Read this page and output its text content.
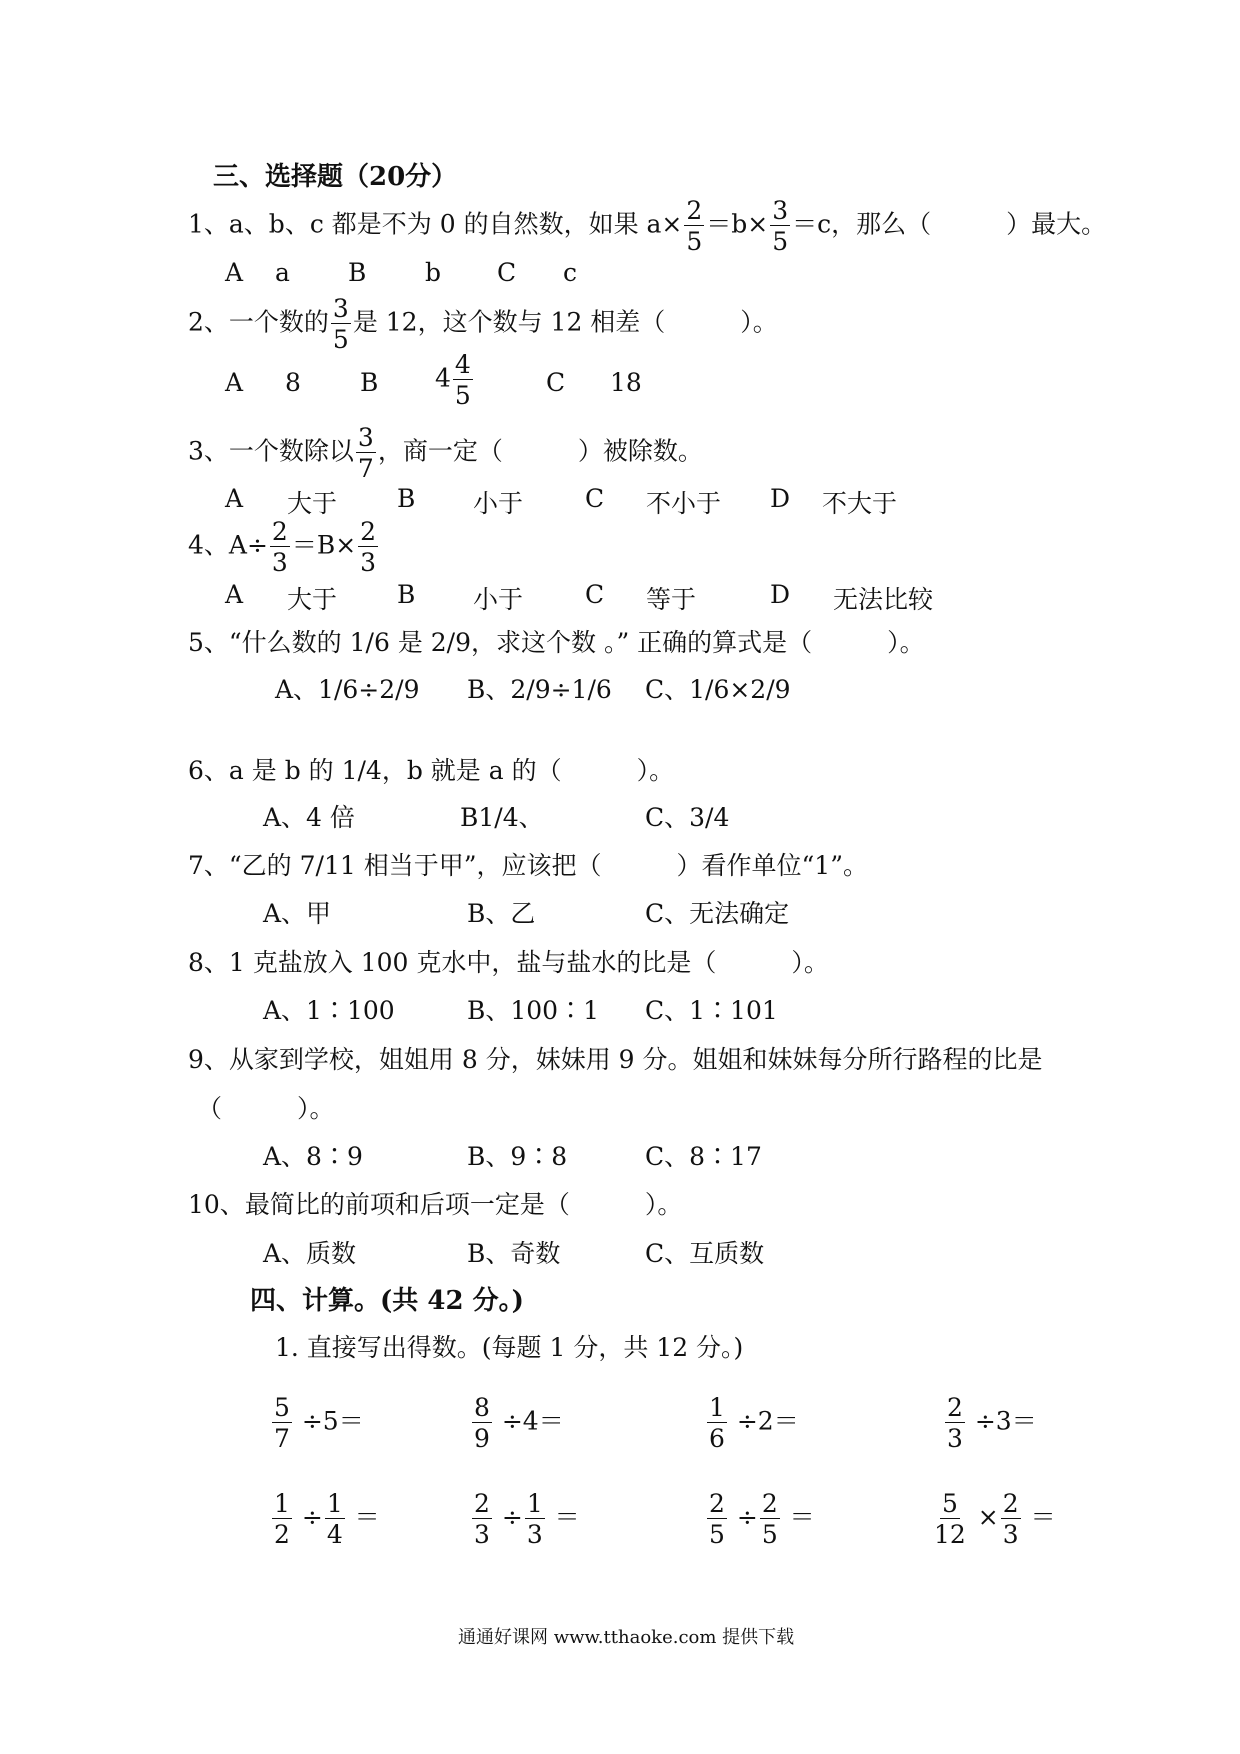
三、选择题（20分）
1、a、b、c 都是不为 0 的自然数，如果 $a\times \frac{2}{5} =b\times \frac{3}{5} =c$，那么（　　　）最大。
A a B b C c
2、一个数的 $\frac{3}{5}$ 是 12，这个数与 12 相差（　　　）。
A 8 B $4 \frac{4}{5}$	C 18
3、一个数除以 $\frac{3}{7}$ ，商一定（　　　）被除数。
A 大于 B 小于 C 不小于 D 不大于
4、$A\div \frac{2}{3} =B\times \frac{2}{3}$
A 大于 B 小于 C 等于	D 无法比较
5、“什么数的 1/6 是 2/9，求这个数 。” 正确的算式是（　　　）。
A、1/6÷2/9 B、2/9÷1/6 C、1/6×2/9
6、a 是 b 的 1/4，b 就是 a 的（　　　）。
A、4 倍	B1/4、	C、3/4
7、“乙的 7/11 相当于甲”，应该把（　　　）看作单位“1”。
A、甲	B、乙	C、无法确定
8、1 克盐放入 100 克水中，盐与盐水的比是（　　　）。
A、1∶100	B、100∶1 C、1∶101
9、从家到学校，姐姐用 8 分，妹妹用 9 分。姐姐和妹妹每分所行路程的比是
（　　　）。
A、8∶9	B、9∶8	C、8∶17
10、最简比的前项和后项一定是（　　　）。
A、质数	B、奇数	C、互质数
四、计算。(共 42 分。)
1. 直接写出得数。(每题 1 分，共 12 分。)
$\frac{5}{7} \div 5=$	$\frac{8}{9} \div 4=$	$\frac{1}{6} \div 2=$	$\frac{2}{3} \div 3=$
$\frac{1}{2} \div \frac{1}{4}$ ＝	$\frac{2}{3} \div \frac{1}{3}$ ＝	$\frac{2}{5} \div \frac{2}{5}$ ＝	$\frac{5}{12} \times \frac{2}{3}$ ＝
通通好课网 www.tthaoke.com 提供下载
